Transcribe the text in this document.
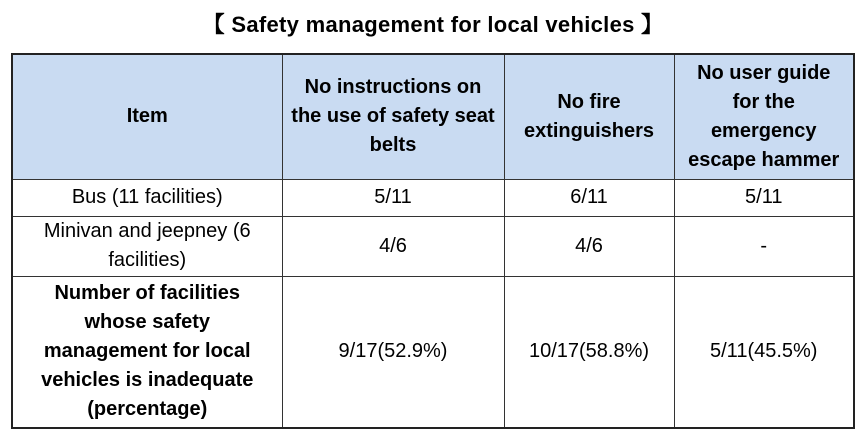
【 Safety management for local vehicles 】
Item	No instructions on the use of safety seat belts	No fire extinguishers	No user guide for the emergency escape hammer
Bus (11 facilities)	5/11	6/11	5/11
Minivan and jeepney (6 facilities)	4/6	4/6	-
Number of facilities whose safety management for local vehicles is inadequate (percentage)	9/17(52.9%)	10/17(58.8%)	5/11(45.5%)
